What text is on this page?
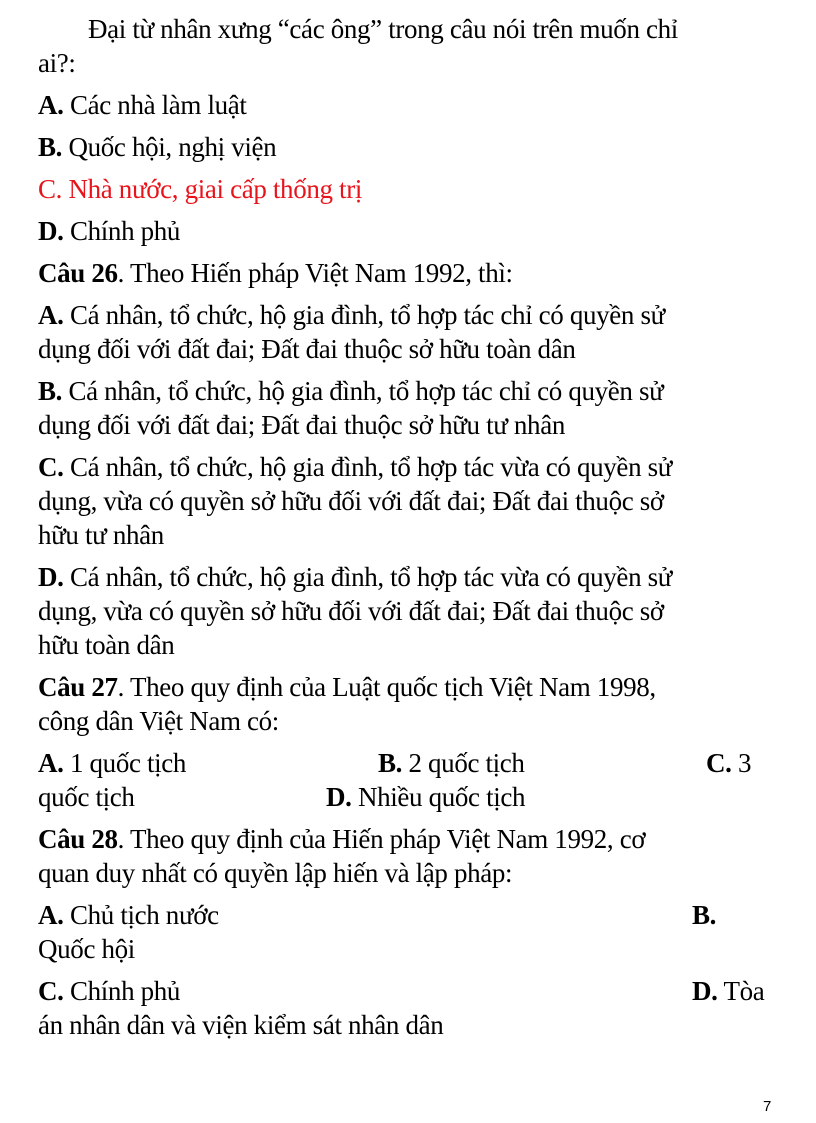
Đại từ nhân xưng “các ông” trong câu nói trên muốn chỉ
ai?:
A. Các nhà làm luật
B. Quốc hội, nghị viện
C. Nhà nước, giai cấp thống trị
D. Chính phủ
Câu 26. Theo Hiến pháp Việt Nam 1992, thì:
A. Cá nhân, tổ chức, hộ gia đình, tổ hợp tác chỉ có quyền sử
dụng đối với đất đai; Đất đai thuộc sở hữu toàn dân
B. Cá nhân, tổ chức, hộ gia đình, tổ hợp tác chỉ có quyền sử
dụng đối với đất đai; Đất đai thuộc sở hữu tư nhân
C. Cá nhân, tổ chức, hộ gia đình, tổ hợp tác vừa có quyền sử
dụng, vừa có quyền sở hữu đối với đất đai; Đất đai thuộc sở
hữu tư nhân
D. Cá nhân, tổ chức, hộ gia đình, tổ hợp tác vừa có quyền sử
dụng, vừa có quyền sở hữu đối với đất đai; Đất đai thuộc sở
hữu toàn dân
Câu 27. Theo quy định của Luật quốc tịch Việt Nam 1998,
công dân Việt Nam có:
A. 1 quốc tịch	B. 2 quốc tịch	C. 3
quốc tịch	D. Nhiều quốc tịch
Câu 28. Theo quy định của Hiến pháp Việt Nam 1992, cơ
quan duy nhất có quyền lập hiến và lập pháp:
A. Chủ tịch nước	B.
Quốc hội
C. Chính phủ	D. Tòa
án nhân dân và viện kiểm sát nhân dân
7
